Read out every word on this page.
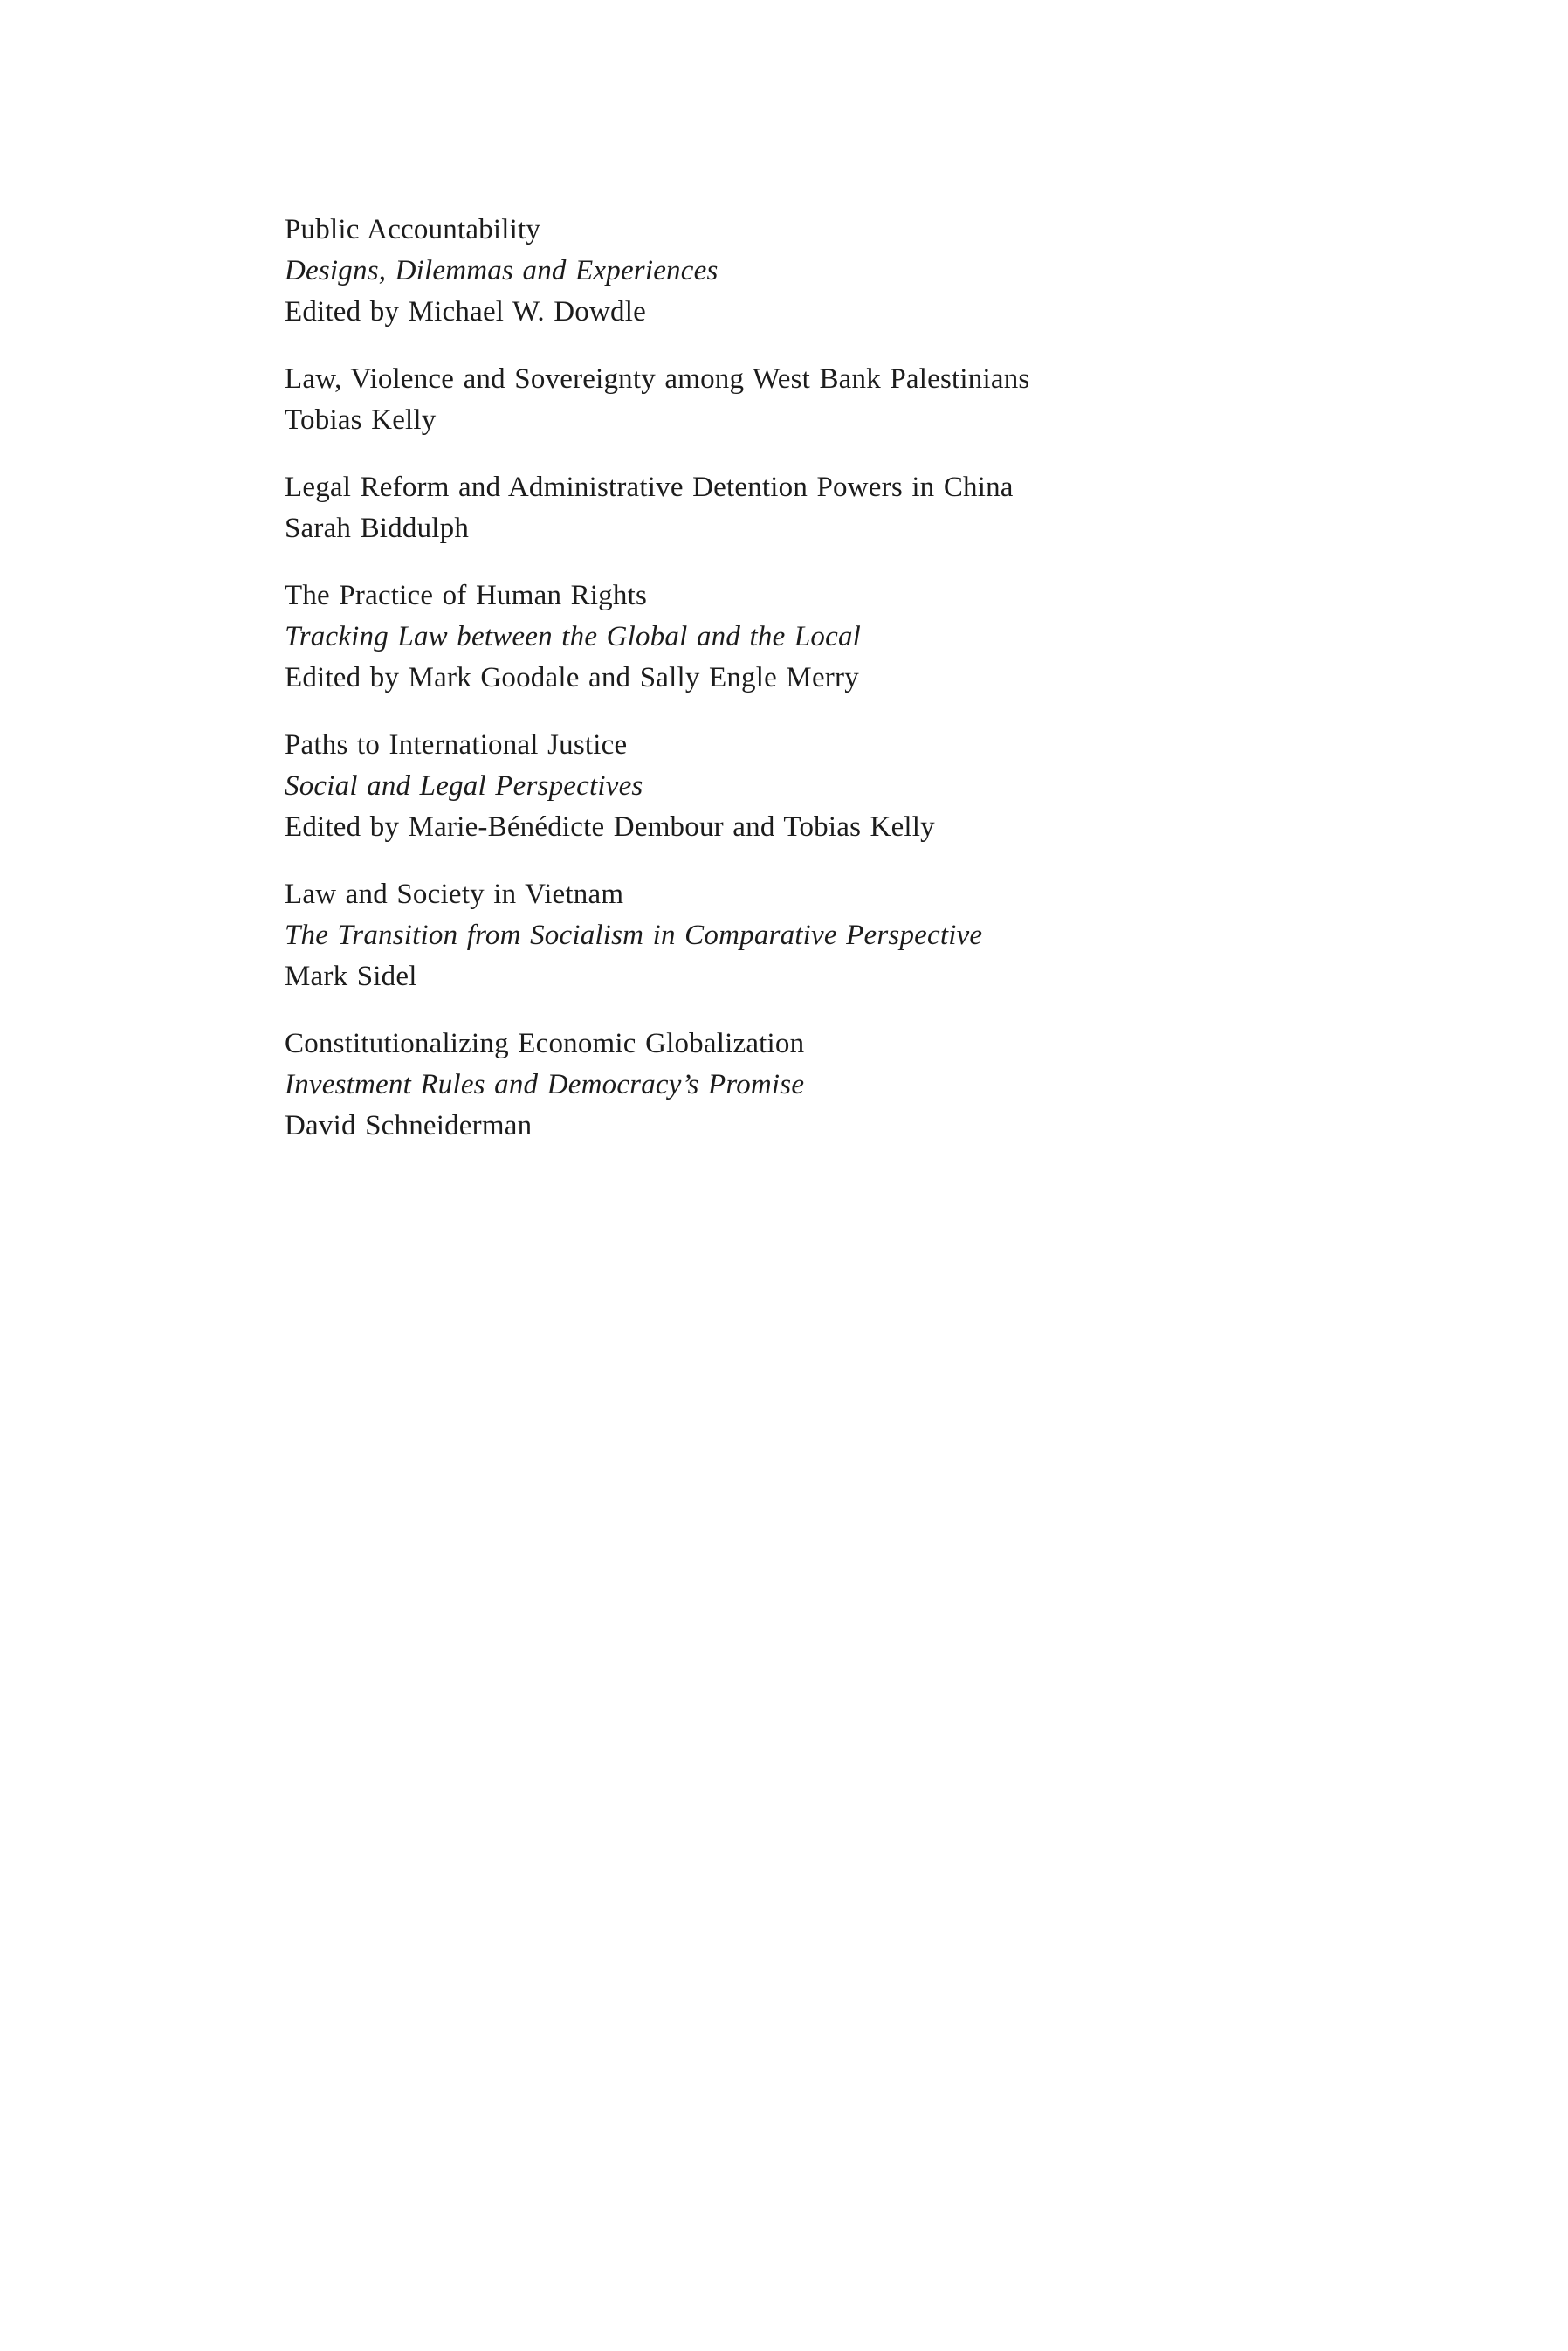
Public Accountability

Designs, Dilemmas and Experiences

Edited by Michael W. Dowdle

Law, Violence and Sovereignty among West Bank Palestinians

Tobias Kelly

Legal Reform and Administrative Detention Powers in China

Sarah Biddulph

The Practice of Human Rights

Tracking Law between the Global and the Local

Edited by Mark Goodale and Sally Engle Merry

Paths to International Justice

Social and Legal Perspectives

Edited by Marie-Bénédicte Dembour and Tobias Kelly

Law and Society in Vietnam

The Transition from Socialism in Comparative Perspective

Mark Sidel

Constitutionalizing Economic Globalization

Investment Rules and Democracy’s Promise

David Schneiderman
